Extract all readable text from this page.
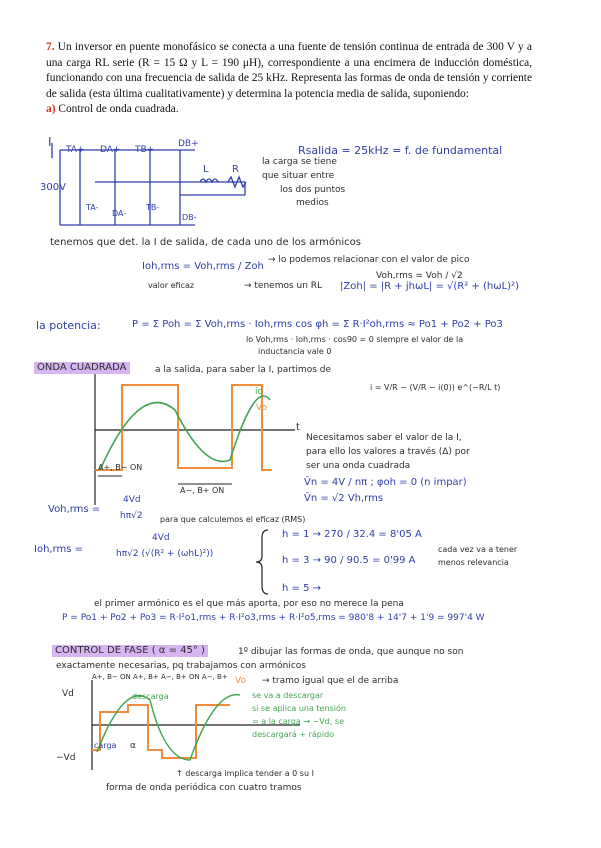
7. Un inversor en puente monofásico se conecta a una fuente de tensión continua de entrada de 300 V y a una carga RL serie (R = 15 Ω y L = 190 μH), correspondiente a una encimera de inducción doméstica, funcionando con una frecuencia de salida de 25 kHz. Representa las formas de onda de tensión y corriente de salida (esta última cualitativamente) y determina la potencia media de salida, suponiendo:

a) Control de onda cuadrada.

I
TA+ DA+ TB+
DB+
TA-
DA-
TB-
DB-
L R
300V
Rsalida = 25kHz = f. de fundamental
la carga se tiene
que situar entre
los dos puntos
medios
tenemos que det. la I de salida, de cada uno de los armónicos
Ioh,rms = Voh,rms / Zoh
→ lo podemos relacionar con el valor de pico
Voh,rms = Voh / √2
valor eficaz	→ tenemos un RL |Zoh| = |R + jhωL| = √(R² + (hωL)²)
la potencia:	P = Σ Poh = Σ Voh,rms · Ioh,rms cos φh = Σ R·I²oh,rms ≈ Po1 + Po2 + Po3
lo Voh,rms · Ioh,rms · cos90 = 0 siempre el valor de la
inductancia vale 0
ONDA CUADRADA	a la salida, para saber la I, partimos de
i = V/R − (V/R − i(0)) e^(−R/L t)
io
Vo
t
A+, B− ON
A−, B+ ON
Necesitamos saber el valor de la I,
para ello los valores a través (Δ) por
ser una onda cuadrada
V̂n = 4V / nπ ; φoh = 0 (n impar)
V̂n = √2 Vh,rms
Voh,rms =
4Vd
hπ√2 para que calculemos el eficaz (RMS)
Ioh,rms =
4Vd
hπ√2 (√(R² + (ωhL)²))
h = 1 → 270 / 32.4 = 8'05 A
h = 3 → 90 / 90.5 = 0'99 A
h = 5 →
cada vez va a tener
menos relevancia
el primer armónico es el que más aporta, por eso no merece la pena
P = Po1 + Po2 + Po3 = R·I²o1,rms + R·I²o3,rms + R·I²o5,rms = 980'8 + 14'7 + 1'9 = 997'4 W
CONTROL DE FASE ( α = 45° )	1º dibujar las formas de onda, que aunque no son
exactamente necesarias, pq trabajamos con armónicos
A+, B− ON A+, B+ A−, B+ ON A−, B+
Vd
−Vd
Vo → tramo igual que el de arriba
descarga	se va a descargar
si se aplica una tensión
= a la carga → −Vd, se
descargará + rápido
carga α
↑ descarga implica tender a 0 su I
forma de onda periódica con cuatro tramos
